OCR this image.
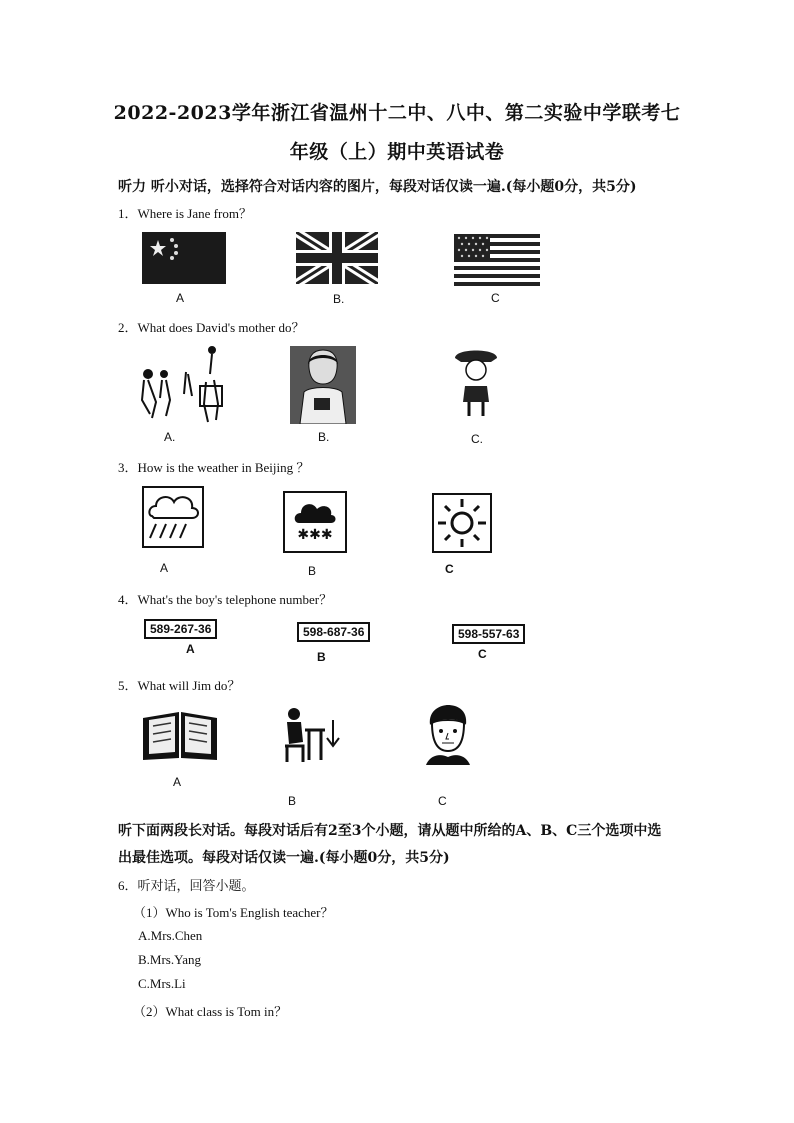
2022-2023学年浙江省温州十二中、八中、第二实验中学联考七
年级（上）期中英语试卷
听力 听小对话，选择符合对话内容的图片，每段对话仅读一遍.(每小题0分，共5分)
1．Where is Jane from？
A	B.	C
2．What does David's mother do？
A.	B.	C.
3．How is the weather in Beijing ？
A
✱✱✱
B	C
4．What's the boy's telephone number？
589-267-36
A
598-687-36
B
598-557-63
C
5．What will Jim do？
A
B	C
听下面两段长对话。每段对话后有2至3个小题，请从题中所给的A、B、C三个选项中选
出最佳选项。每段对话仅读一遍.(每小题0分，共5分)
6．听对话，回答小题。
（1）Who is Tom's English teacher？
A.Mrs.Chen
B.Mrs.Yang
C.Mrs.Li
（2）What class is Tom in？
